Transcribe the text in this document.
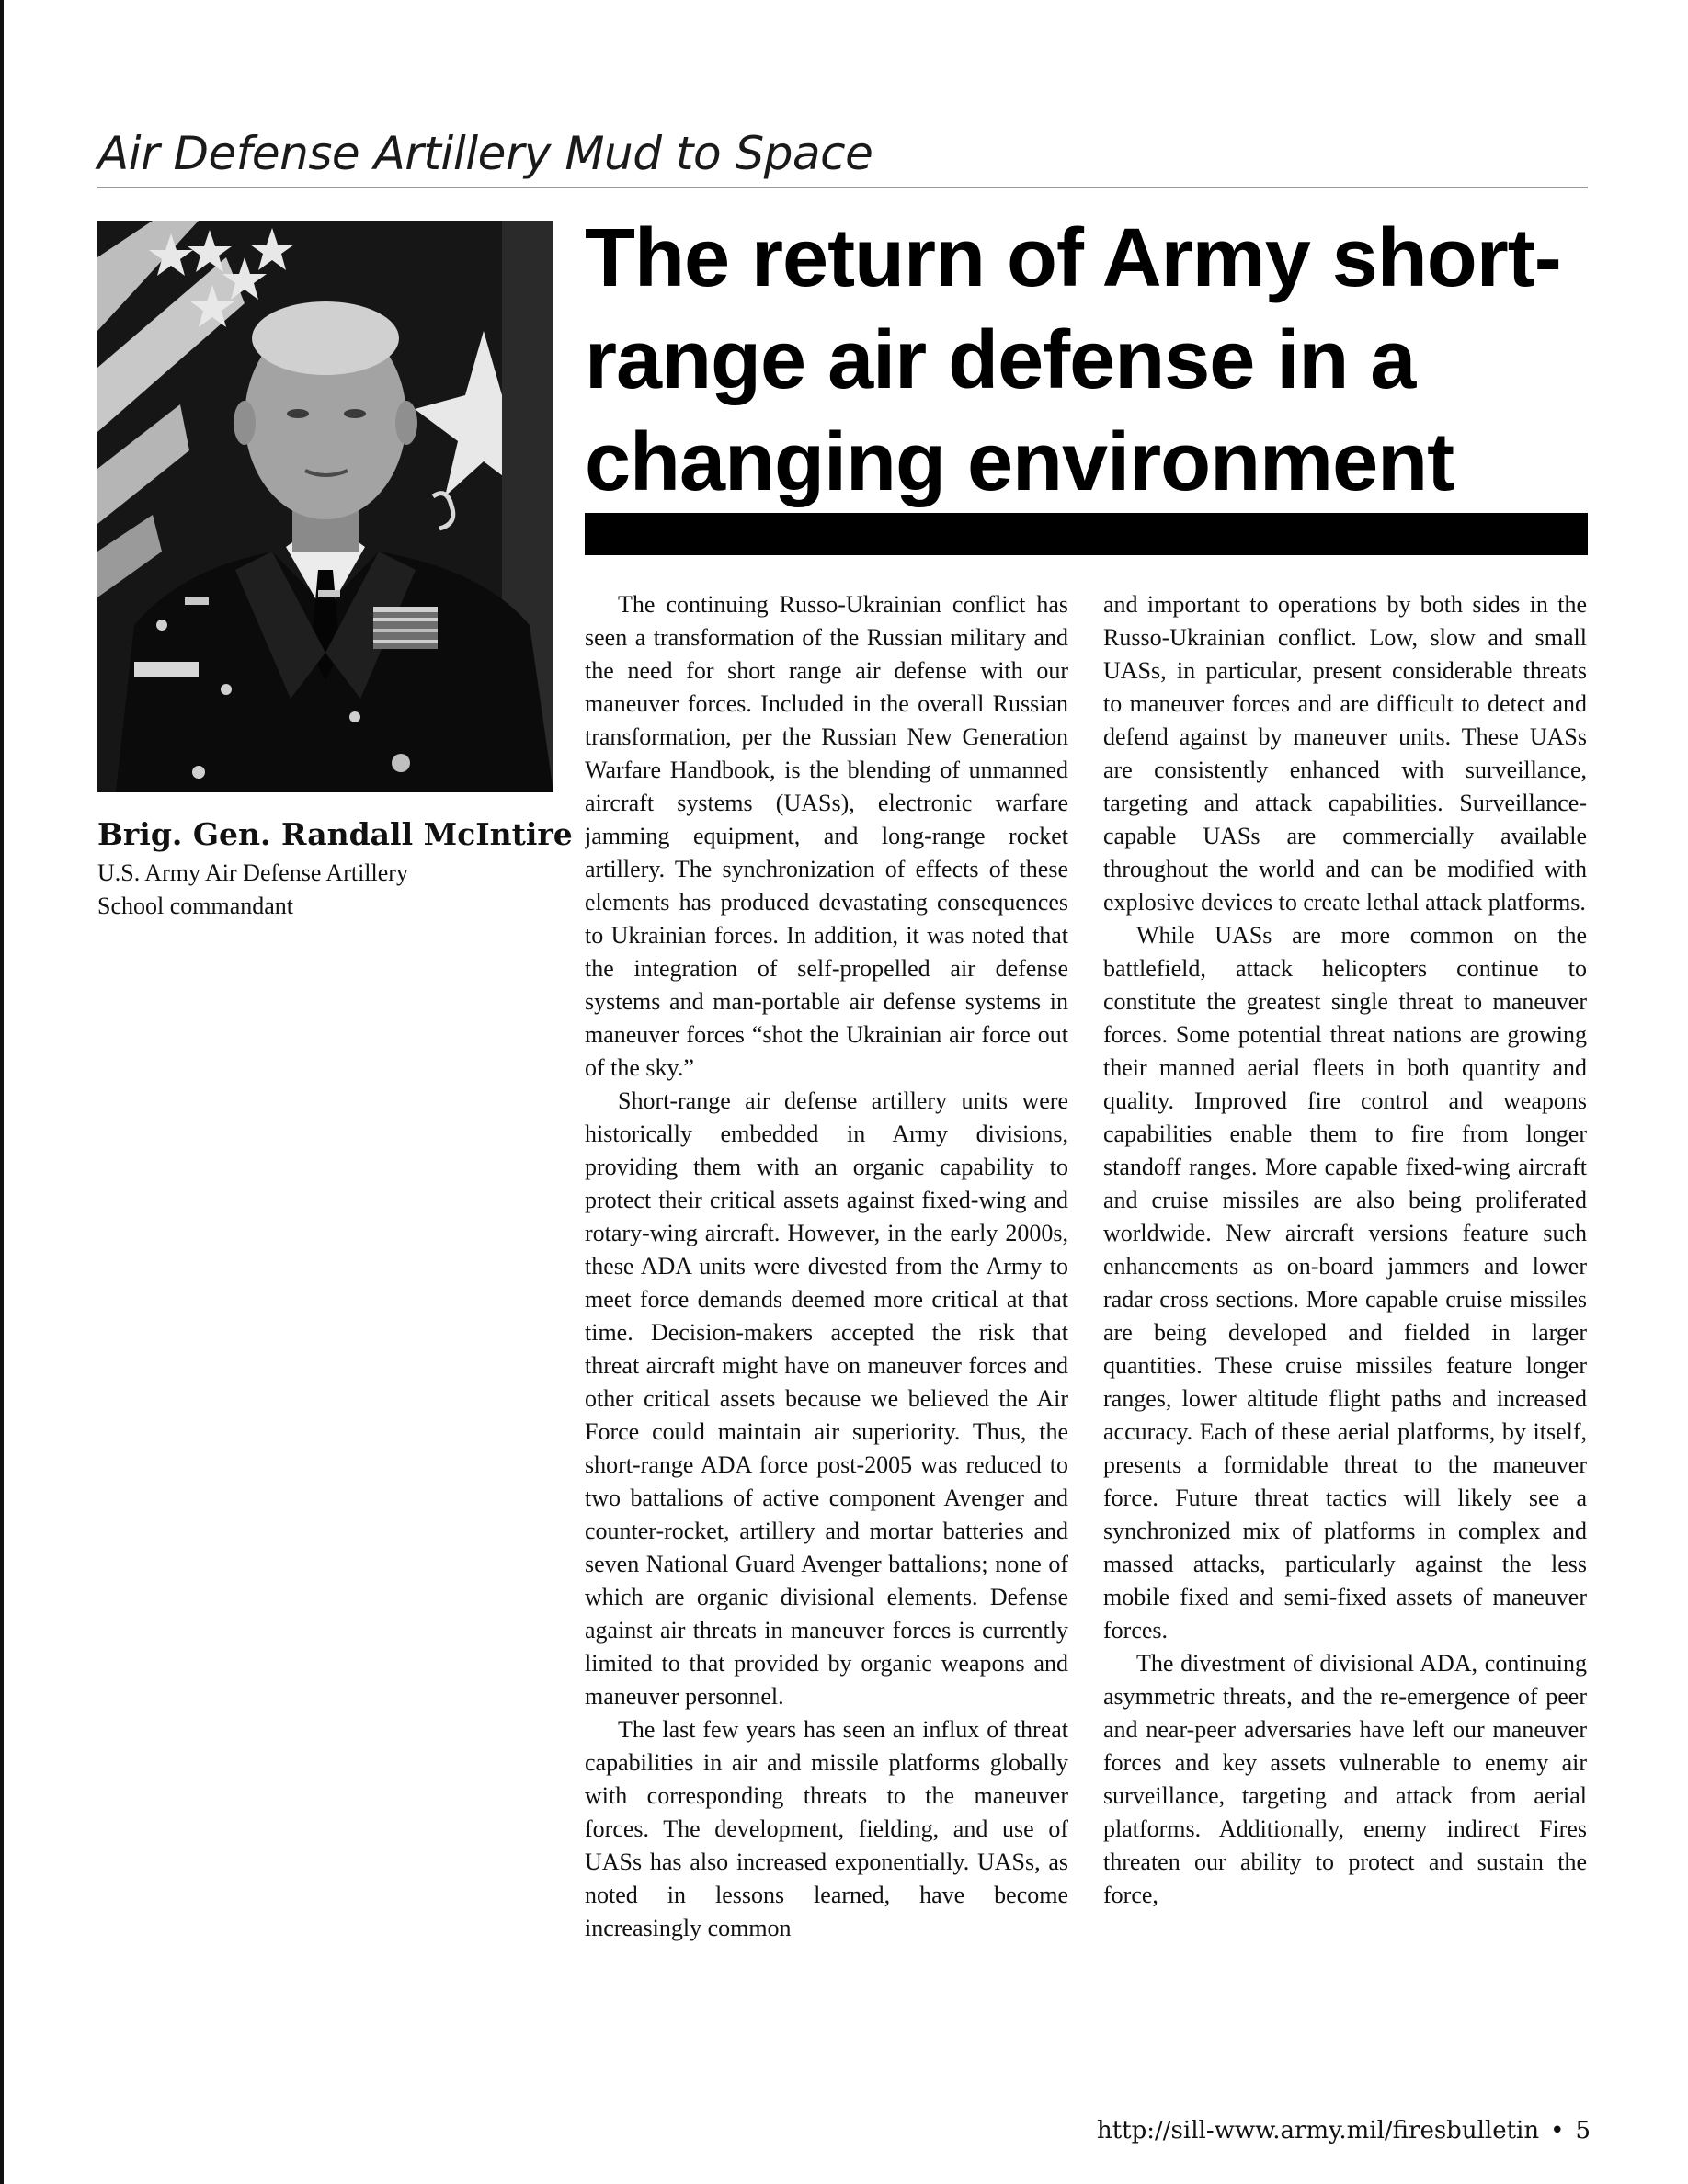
Air Defense Artillery Mud to Space
Brig. Gen. Randall McIntire
U.S. Army Air Defense Artillery
School commandant
The return of Army short-range air defense in a changing environment

The continuing Russo-Ukrainian conflict has seen a transformation of the Russian military and the need for short range air defense with our maneuver forces. Included in the overall Russian transformation, per the Russian New Generation Warfare Handbook, is the blending of unmanned aircraft systems (UASs), electronic warfare jamming equipment, and long-range rocket artillery. The synchronization of effects of these elements has produced devastating consequences to Ukrainian forces. In addition, it was noted that the integration of self-propelled air defense systems and man-portable air defense systems in maneuver forces “shot the Ukrainian air force out of the sky.”

Short-range air defense artillery units were historically embedded in Army divisions, providing them with an organic capability to protect their critical assets against fixed-wing and rotary-wing aircraft. However, in the early 2000s, these ADA units were divested from the Army to meet force demands deemed more critical at that time. Decision-makers accepted the risk that threat aircraft might have on maneuver forces and other critical assets because we believed the Air Force could maintain air superiority. Thus, the short-range ADA force post-2005 was reduced to two battalions of active component Avenger and counter-rocket, artillery and mortar batteries and seven National Guard Avenger battalions; none of which are organic divisional elements. Defense against air threats in maneuver forces is currently limited to that provided by organic weapons and maneuver personnel.

The last few years has seen an influx of threat capabilities in air and missile platforms globally with corresponding threats to the maneuver forces. The development, fielding, and use of UASs has also increased exponentially. UASs, as noted in lessons learned, have become increasingly common

and important to operations by both sides in the Russo-Ukrainian conflict. Low, slow and small UASs, in particular, present considerable threats to maneuver forces and are difficult to detect and defend against by maneuver units. These UASs are consistently enhanced with surveillance, targeting and attack capabilities. Surveillance-capable UASs are commercially available throughout the world and can be modified with explosive devices to create lethal attack platforms.

While UASs are more common on the battlefield, attack helicopters continue to constitute the greatest single threat to maneuver forces. Some potential threat nations are growing their manned aerial fleets in both quantity and quality. Improved fire control and weapons capabilities enable them to fire from longer standoff ranges. More capable fixed-wing aircraft and cruise missiles are also being proliferated worldwide. New aircraft versions feature such enhancements as on-board jammers and lower radar cross sections. More capable cruise missiles are being developed and fielded in larger quantities. These cruise missiles feature longer ranges, lower altitude flight paths and increased accuracy. Each of these aerial platforms, by itself, presents a formidable threat to the maneuver force. Future threat tactics will likely see a synchronized mix of platforms in complex and massed attacks, particularly against the less mobile fixed and semi-fixed assets of maneuver forces.

The divestment of divisional ADA, continuing asymmetric threats, and the re-emergence of peer and near-peer adversaries have left our maneuver forces and key assets vulnerable to enemy air surveillance, targeting and attack from aerial platforms. Additionally, enemy indirect Fires threaten our ability to protect and sustain the force,

http://sill-www.army.mil/firesbulletin • 5
